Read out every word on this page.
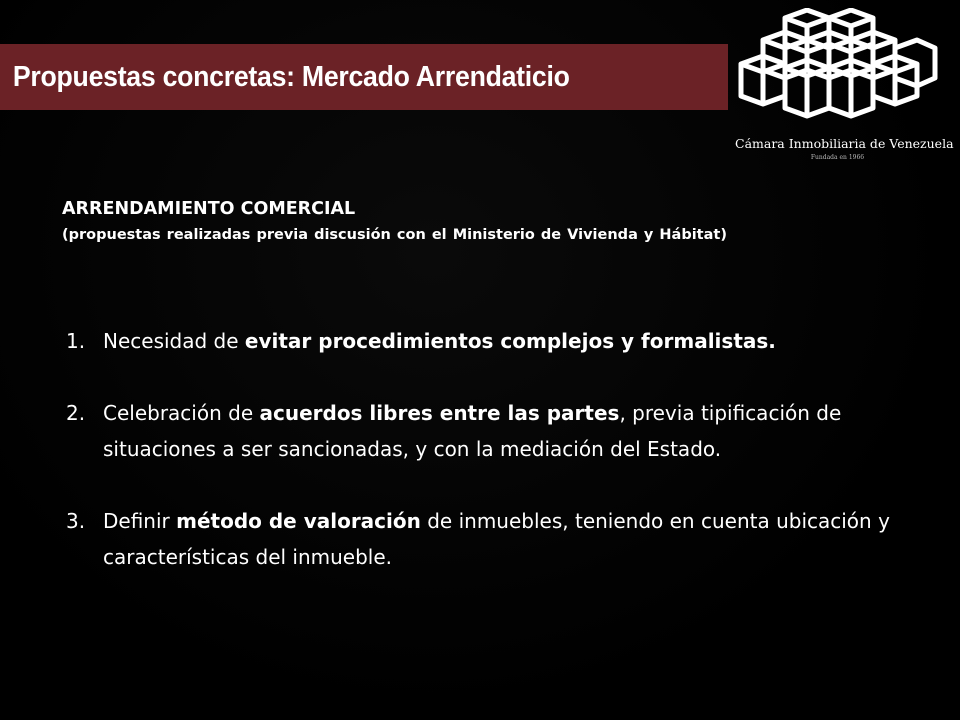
Propuestas concretas: Mercado Arrendaticio
Cámara Inmobiliaria de Venezuela
Fundada en 1966
ARRENDAMIENTO COMERCIAL
(propuestas realizadas previa discusión con el Ministerio de Vivienda y Hábitat)
1. Necesidad de evitar procedimientos complejos y formalistas.
2. Celebración de acuerdos libres entre las partes, previa tipificación de situaciones a ser sancionadas, y con la mediación del Estado.
3. Definir método de valoración de inmuebles, teniendo en cuenta ubicación y características del inmueble.
